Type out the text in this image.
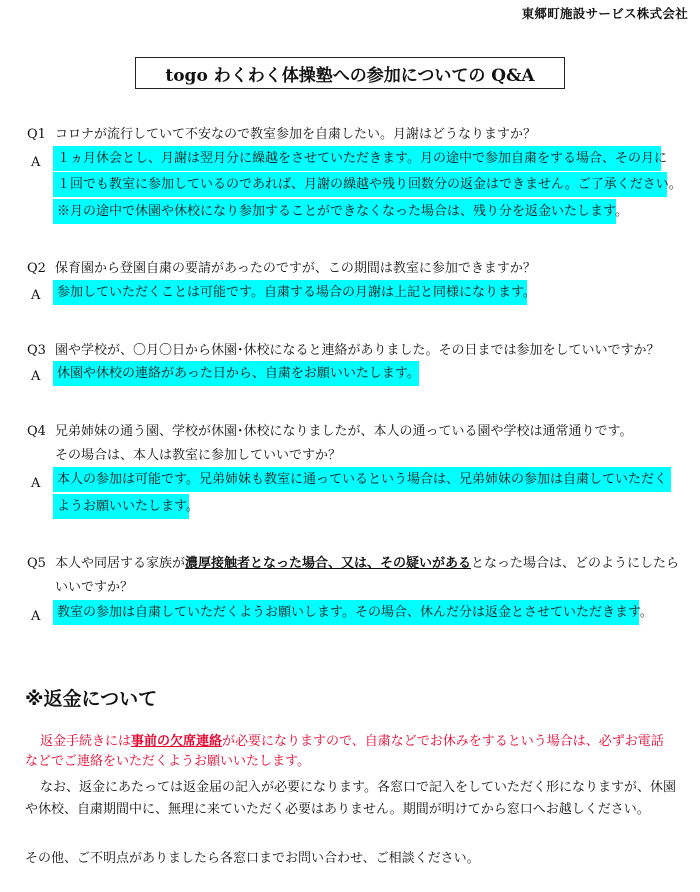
東郷町施設サービス株式会社
togo わくわく体操塾への参加についての Q&A
Q1 コロナが流行していて不安なので教室参加を自粛したい。月謝はどうなりますか？
A	１ヵ月休会とし、月謝は翌月分に繰越をさせていただきます。月の途中で参加自粛をする場合、その月に
１回でも教室に参加しているのであれば、月謝の繰越や残り回数分の返金はできません。ご了承ください。
※月の途中で休園や休校になり参加することができなくなった場合は、残り分を返金いたします。
Q2 保育園から登園自粛の要請があったのですが、この期間は教室に参加できますか？
A	参加していただくことは可能です。自粛する場合の月謝は上記と同様になります。
Q3 園や学校が、〇月〇日から休園･休校になると連絡がありました。その日までは参加をしていいですか？
A	休園や休校の連絡があった日から、自粛をお願いいたします。
Q4 兄弟姉妹の通う園、学校が休園･休校になりましたが、本人の通っている園や学校は通常通りです。
その場合は、本人は教室に参加していいですか？
A	本人の参加は可能です。兄弟姉妹も教室に通っているという場合は、兄弟姉妹の参加は自粛していただく
ようお願いいたします。
Q5 本人や同居する家族が濃厚接触者となった場合、又は、その疑いがあるとなった場合は、どのようにしたら
いいですか？
A	教室の参加は自粛していただくようお願いします。その場合、休んだ分は返金とさせていただきます。
※返金について
返金手続きには事前の欠席連絡が必要になりますので、自粛などでお休みをするという場合は、必ずお電話
などでご連絡をいただくようお願いいたします。
なお、返金にあたっては返金届の記入が必要になります。各窓口で記入をしていただく形になりますが、休園
や休校、自粛期間中に、無理に来ていただく必要はありません。期間が明けてから窓口へお越しください。
その他、ご不明点がありましたら各窓口までお問い合わせ、ご相談ください。
